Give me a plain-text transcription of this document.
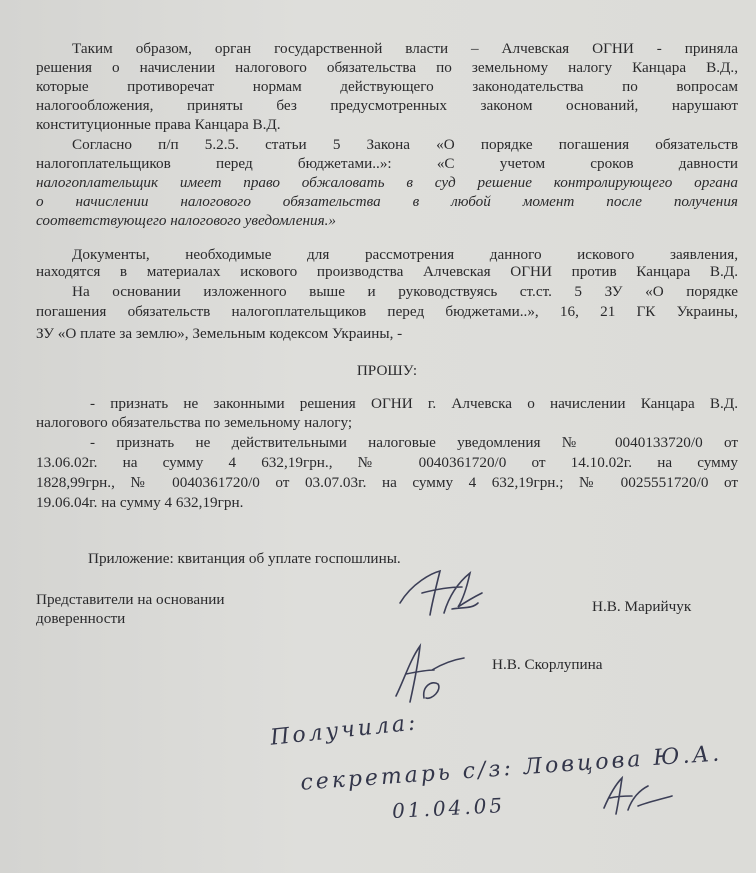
Таким образом, орган государственной власти – Алчевская ОГНИ - приняла
решения о начислении налогового обязательства по земельному налогу Канцара В.Д.,
которые противоречат нормам действующего законодательства по вопросам
налогообложения, приняты без предусмотренных законом оснований, нарушают
конституционные права Канцара В.Д.
Согласно п/п 5.2.5. статьи 5 Закона «О порядке погашения обязательств
налогоплательщиков перед бюджетами..»: «С учетом сроков давности
налогоплательщик имеет право обжаловать в суд решение контролирующего органа
о начислении налогового обязательства в любой момент после получения
соответствующего налогового уведомления.»
Документы, необходимые для рассмотрения данного искового заявления,
находятся в материалах искового производства Алчевская ОГНИ против Канцара В.Д.
На основании изложенного выше и руководствуясь ст.ст. 5 ЗУ «О порядке
погашения обязательств налогоплательщиков перед бюджетами..», 16, 21 ГК Украины,
ЗУ «О плате за землю», Земельным кодексом Украины, -
ПРОШУ:
- признать не законными решения ОГНИ г. Алчевска о начислении Канцара В.Д.
налогового обязательства по земельному налогу;
- признать не действительными налоговые уведомления № 0040133720/0 от
13.06.02г. на сумму 4 632,19грн., № 0040361720/0 от 14.10.02г. на сумму
1828,99грн., № 0040361720/0 от 03.07.03г. на сумму 4 632,19грн.; № 0025551720/0 от
19.06.04г. на сумму 4 632,19грн.
Приложение: квитанция об уплате госпошлины.
Представители на основании
доверенности
Н.В. Марийчук
Н.В. Скорлупина
Получила:
секретарь с/з: Ловцова Ю.А.
01.04.05
